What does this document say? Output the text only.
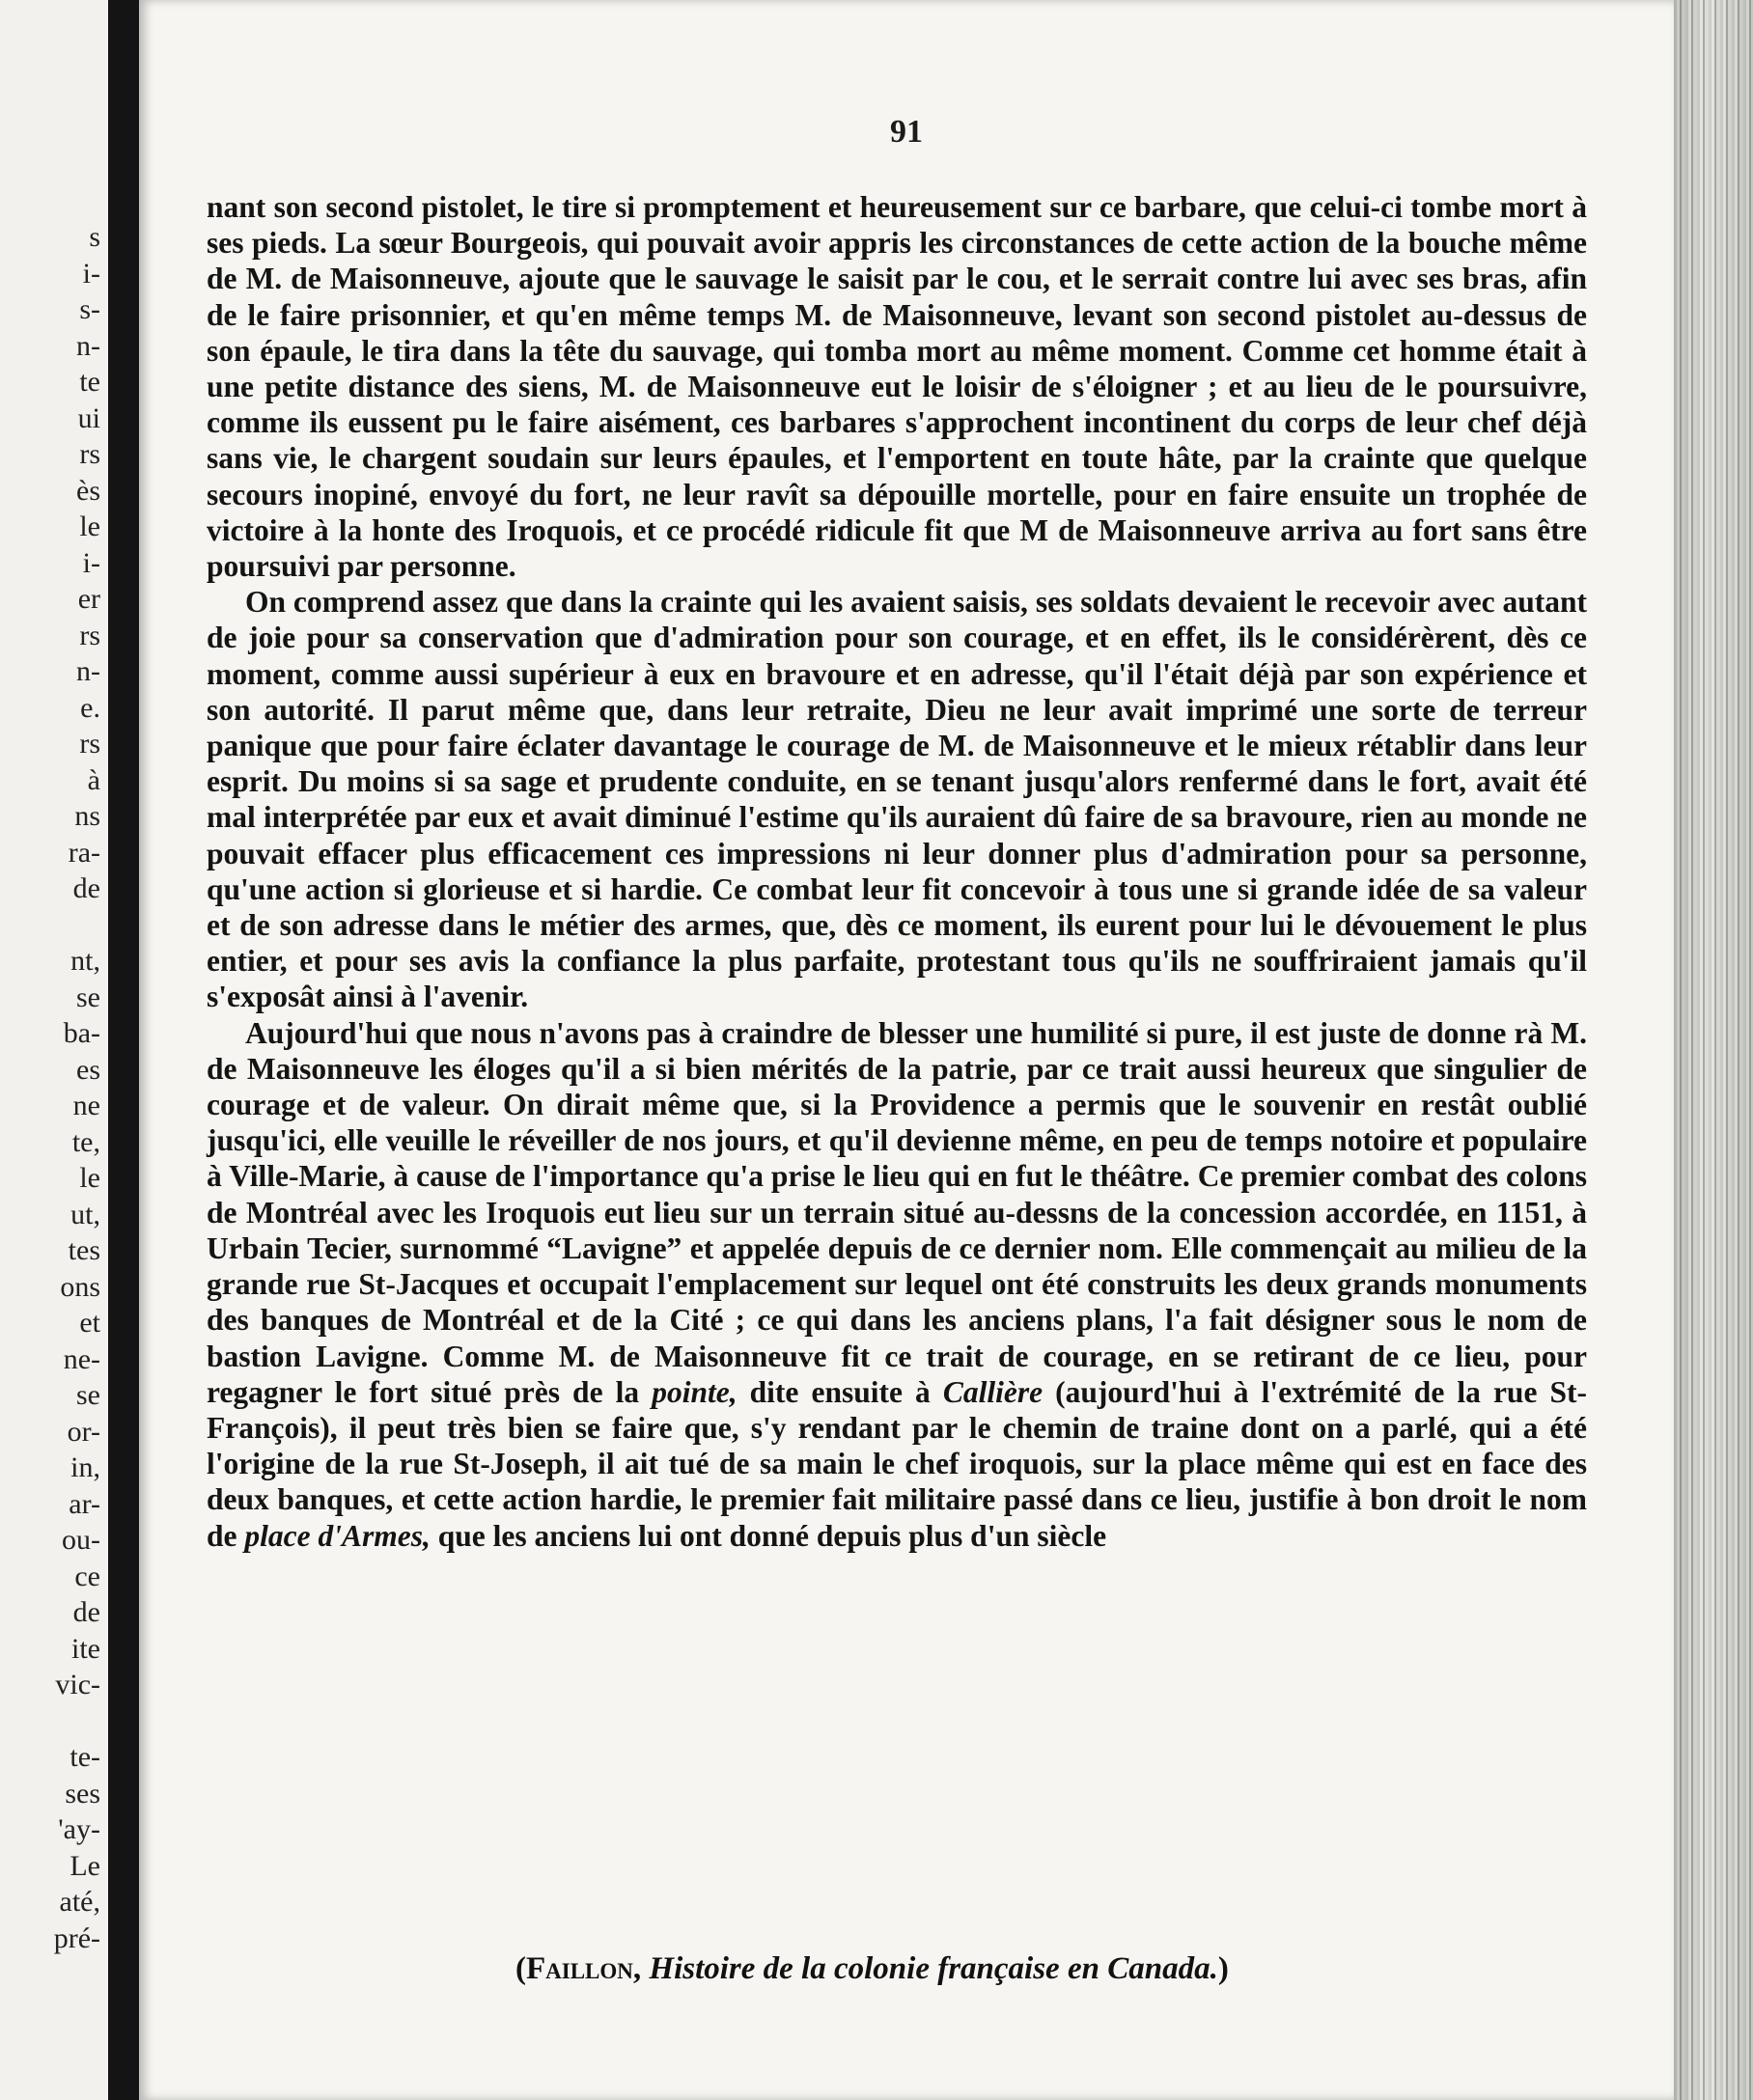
s
i-
s-
n-
te
ui
rs
ès
le
i-
er
rs
n-
e.
rs
à
ns
ra-
de
nt,
se
ba-
es
ne
te,
le
ut,
tes
ons
et
ne-
se
or-
in,
ar-
ou-
ce
de
ite
vic-
te-
ses
'ay-
Le
até,
pré-
91

nant son second pistolet, le tire si promptement et heureusement sur ce barbare, que celui-ci tombe mort à ses pieds. La sœur Bourgeois, qui pouvait avoir appris les circonstances de cette action de la bouche même de M. de Maisonneuve, ajoute que le sauvage le saisit par le cou, et le serrait contre lui avec ses bras, afin de le faire prisonnier, et qu'en même temps M. de Maisonneuve, levant son second pistolet au-dessus de son épaule, le tira dans la tête du sauvage, qui tomba mort au même moment. Comme cet homme était à une petite distance des siens, M. de Maisonneuve eut le loisir de s'éloigner ; et au lieu de le poursuivre, comme ils eussent pu le faire aisément, ces barbares s'approchent incontinent du corps de leur chef déjà sans vie, le chargent soudain sur leurs épaules, et l'emportent en toute hâte, par la crainte que quelque secours inopiné, envoyé du fort, ne leur ravît sa dépouille mortelle, pour en faire ensuite un trophée de victoire à la honte des Iroquois, et ce procédé ridicule fit que M de Maisonneuve arriva au fort sans être poursuivi par personne.

On comprend assez que dans la crainte qui les avaient saisis, ses soldats devaient le recevoir avec autant de joie pour sa conservation que d'admiration pour son courage, et en effet, ils le considérèrent, dès ce moment, comme aussi supérieur à eux en bravoure et en adresse, qu'il l'était déjà par son expérience et son autorité. Il parut même que, dans leur retraite, Dieu ne leur avait imprimé une sorte de terreur panique que pour faire éclater davantage le courage de M. de Maisonneuve et le mieux rétablir dans leur esprit. Du moins si sa sage et prudente conduite, en se tenant jusqu'alors renfermé dans le fort, avait été mal interprétée par eux et avait diminué l'estime qu'ils auraient dû faire de sa bravoure, rien au monde ne pouvait effacer plus efficacement ces impressions ni leur donner plus d'admiration pour sa personne, qu'une action si glorieuse et si hardie. Ce combat leur fit concevoir à tous une si grande idée de sa valeur et de son adresse dans le métier des armes, que, dès ce moment, ils eurent pour lui le dévouement le plus entier, et pour ses avis la confiance la plus parfaite, protestant tous qu'ils ne souffriraient jamais qu'il s'exposât ainsi à l'avenir.

Aujourd'hui que nous n'avons pas à craindre de blesser une humilité si pure, il est juste de donne rà M. de Maisonneuve les éloges qu'il a si bien mérités de la patrie, par ce trait aussi heureux que singulier de courage et de valeur. On dirait même que, si la Providence a permis que le souvenir en restât oublié jusqu'ici, elle veuille le réveiller de nos jours, et qu'il devienne même, en peu de temps notoire et populaire à Ville-Marie, à cause de l'importance qu'a prise le lieu qui en fut le théâtre. Ce premier combat des colons de Montréal avec les Iroquois eut lieu sur un terrain situé au-dessns de la concession accordée, en 1151, à Urbain Tecier, surnommé “Lavigne” et appelée depuis de ce dernier nom. Elle commençait au milieu de la grande rue St-Jacques et occupait l'emplacement sur lequel ont été construits les deux grands monuments des banques de Montréal et de la Cité ; ce qui dans les anciens plans, l'a fait désigner sous le nom de bastion Lavigne. Comme M. de Maisonneuve fit ce trait de courage, en se retirant de ce lieu, pour regagner le fort situé près de la pointe, dite ensuite à Callière (aujourd'hui à l'extrémité de la rue St-François), il peut très bien se faire que, s'y rendant par le chemin de traine dont on a parlé, qui a été l'origine de la rue St-Joseph, il ait tué de sa main le chef iroquois, sur la place même qui est en face des deux banques, et cette action hardie, le premier fait militaire passé dans ce lieu, justifie à bon droit le nom de place d'Armes, que les anciens lui ont donné depuis plus d'un siècle

(Faillon, Histoire de la colonie française en Canada.)
